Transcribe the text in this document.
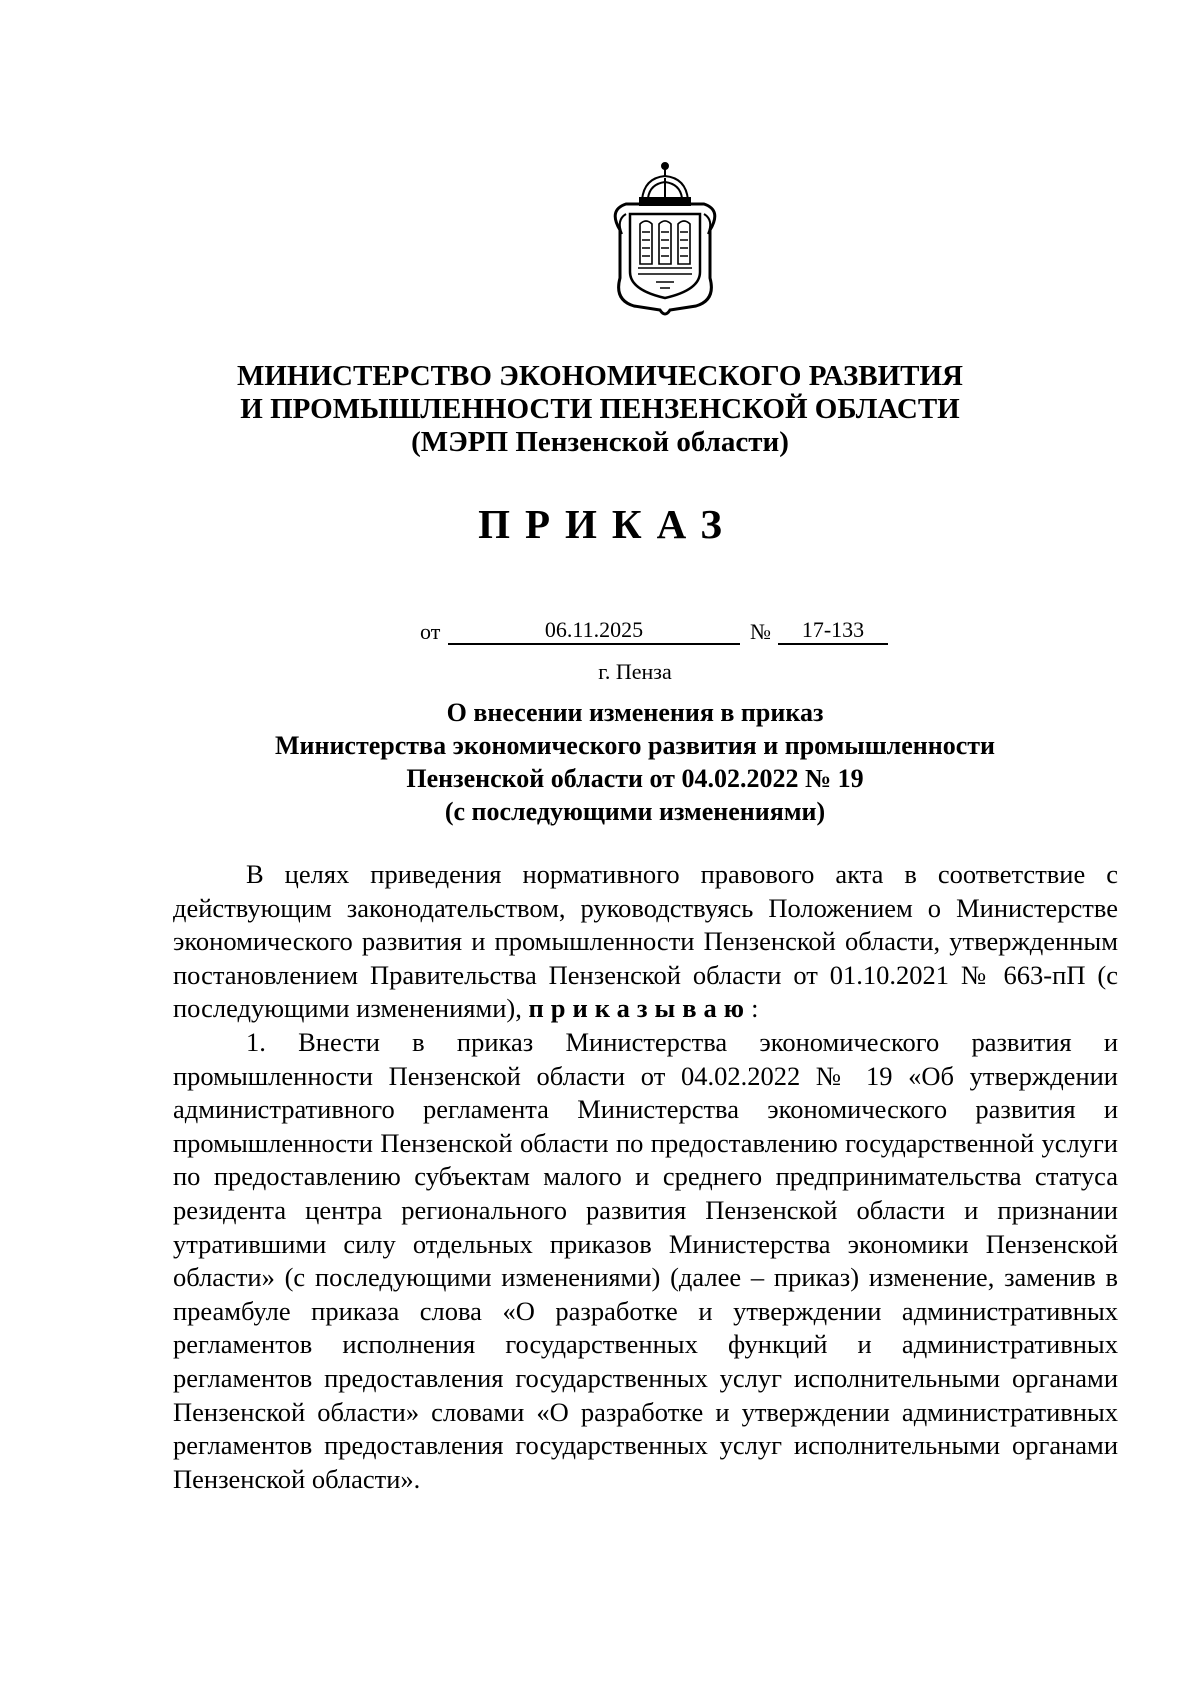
МИНИСТЕРСТВО ЭКОНОМИЧЕСКОГО РАЗВИТИЯ
И ПРОМЫШЛЕННОСТИ ПЕНЗЕНСКОЙ ОБЛАСТИ
(МЭРП Пензенской области)
ПРИКАЗ
от	06.11.2025	№	17-133
г. Пенза
О внесении изменения в приказ
Министерства экономического развития и промышленности
Пензенской области от 04.02.2022 № 19
(с последующими изменениями)

В целях приведения нормативного правового акта в соответствие с действующим законодательством, руководствуясь Положением о Министерстве экономического развития и промышленности Пензенской области, утвержденным постановлением Правительства Пензенской области от 01.10.2021 № 663-пП (с последующими изменениями), приказываю:

1. Внести в приказ Министерства экономического развития и промышленности Пензенской области от 04.02.2022 № 19 «Об утверждении административного регламента Министерства экономического развития и промышленности Пензенской области по предоставлению государственной услуги по предоставлению субъектам малого и среднего предпринимательства статуса резидента центра регионального развития Пензенской области и признании утратившими силу отдельных приказов Министерства экономики Пензенской области» (с последующими изменениями) (далее – приказ) изменение, заменив в преамбуле приказа слова «О разработке и утверждении административных регламентов исполнения государственных функций и административных регламентов предоставления государственных услуг исполнительными органами Пензенской области» словами «О разработке и утверждении административных регламентов предоставления государственных услуг исполнительными органами Пензенской области».
